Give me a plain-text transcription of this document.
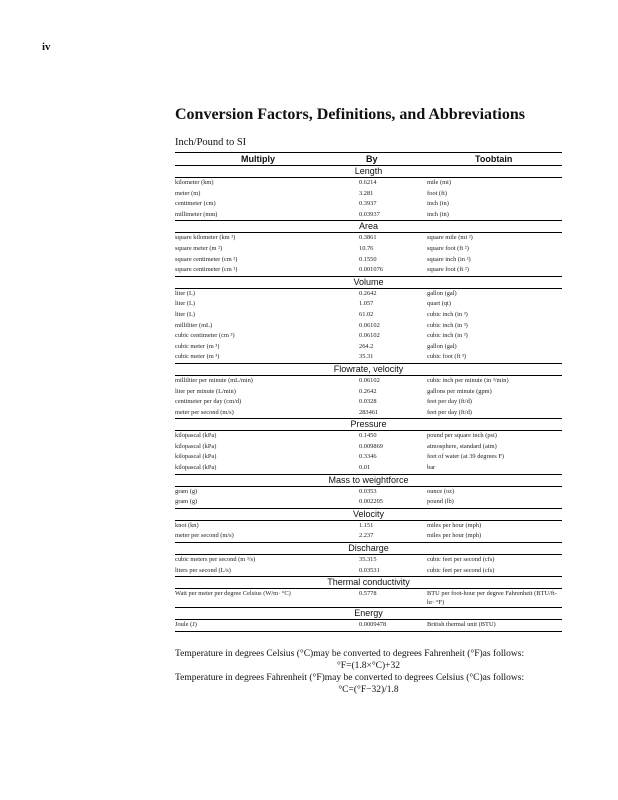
iv
Conversion Factors, Definitions, and Abbreviations
Inch/Pound to SI
Multiply	By	Toobtain
Length
kilometer (km)	0.6214	mile (mi)
meter (m)	3.281	foot (ft)
centimeter (cm)	0.3937	inch (in)
millimeter (mm)	0.03937	inch (in)
Area
square kilometer (km ²)	0.3861	square mile (mi ²)
square meter (m ²)	10.76	square foot (ft ²)
square centimeter (cm ²)	0.1550	square inch (in ²)
square centimeter (cm ²)	0.001076	square foot (ft ²)
Volume
liter (L)	0.2642	gallon (gal)
liter (L)	1.057	quart (qt)
liter (L)	61.02	cubic inch (in ³)
milliliter (mL)	0.06102	cubic inch (in ³)
cubic centimeter (cm ³)	0.06102	cubic inch (in ³)
cubic meter (m ³)	264.2	gallon (gal)
cubic meter (m ³)	35.31	cubic foot (ft ³)
Flowrate, velocity
milliliter per minute (mL/min)	0.06102	cubic inch per minute (in ³/min)
liter per minute (L/min)	0.2642	gallons per minute (gpm)
centimeter per day (cm/d)	0.0328	feet per day (ft/d)
meter per second (m/s)	283461	feet per day (ft/d)
Pressure
kilopascal (kPa)	0.1450	pound per square inch (psi)
kilopascal (kPa)	0.009869	atmosphere, standard (atm)
kilopascal (kPa)	0.3346	feet of water (at 39 degrees F)
kilopascal (kPa)	0.01	bar
Mass to weightforce
gram (g)	0.0353	ounce (oz)
gram (g)	0.002205	pound (lb)
Velocity
knot (kn)	1.151	miles per hour (mph)
meter per second (m/s)	2.237	miles per hour (mph)
Discharge
cubic meters per second (m ³/s)	35.315	cubic feet per second (cfs)
liters per second (L/s)	0.03531	cubic feet per second (cfs)
Thermal conductivity
Watt per meter per degree Celsius (W/m· °C)	0.5778	BTU per foot-hour per degree Fahrenheit (BTU/ft-hr· °F)
Energy
Joule (J)	0.0009478	British thermal unit (BTU)
Temperature in degrees Celsius (°C)may be converted to degrees Fahrenheit (°F)as follows:
°F=(1.8×°C)+32
Temperature in degrees Fahrenheit (°F)may be converted to degrees Celsius (°C)as follows:
°C=(°F−32)/1.8
